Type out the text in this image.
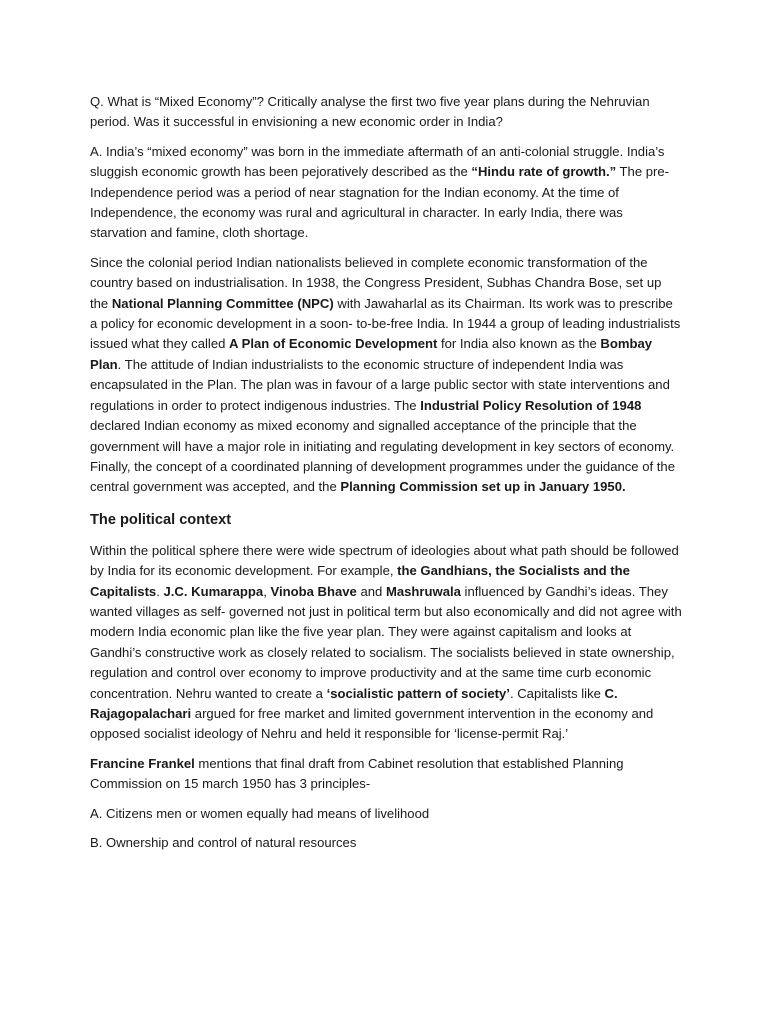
Q. What is “Mixed Economy”? Critically analyse the first two five year plans during the Nehruvian period. Was it successful in envisioning a new economic order in India?

A. India’s “mixed economy” was born in the immediate aftermath of an anti-colonial struggle. India’s sluggish economic growth has been pejoratively described as the “Hindu rate of growth.” The pre-Independence period was a period of near stagnation for the Indian economy. At the time of Independence, the economy was rural and agricultural in character. In early India, there was starvation and famine, cloth shortage.

Since the colonial period Indian nationalists believed in complete economic transformation of the country based on industrialisation. In 1938, the Congress President, Subhas Chandra Bose, set up the National Planning Committee (NPC) with Jawaharlal as its Chairman. Its work was to prescribe a policy for economic development in a soon- to-be-free India. In 1944 a group of leading industrialists issued what they called A Plan of Economic Development for India also known as the Bombay Plan. The attitude of Indian industrialists to the economic structure of independent India was encapsulated in the Plan. The plan was in favour of a large public sector with state interventions and regulations in order to protect indigenous industries. The Industrial Policy Resolution of 1948 declared Indian economy as mixed economy and signalled acceptance of the principle that the government will have a major role in initiating and regulating development in key sectors of economy. Finally, the concept of a coordinated planning of development programmes under the guidance of the central government was accepted, and the Planning Commission set up in January 1950.

The political context

Within the political sphere there were wide spectrum of ideologies about what path should be followed by India for its economic development. For example, the Gandhians, the Socialists and the Capitalists. J.C. Kumarappa, Vinoba Bhave and Mashruwala influenced by Gandhi’s ideas. They wanted villages as self- governed not just in political term but also economically and did not agree with modern India economic plan like the five year plan. They were against capitalism and looks at Gandhi’s constructive work as closely related to socialism. The socialists believed in state ownership, regulation and control over economy to improve productivity and at the same time curb economic concentration. Nehru wanted to create a ‘socialistic pattern of society’. Capitalists like C. Rajagopalachari argued for free market and limited government intervention in the economy and opposed socialist ideology of Nehru and held it responsible for ‘license-permit Raj.’

Francine Frankel mentions that final draft from Cabinet resolution that established Planning Commission on 15 march 1950 has 3 principles-

A. Citizens men or women equally had means of livelihood

B. Ownership and control of natural resources
